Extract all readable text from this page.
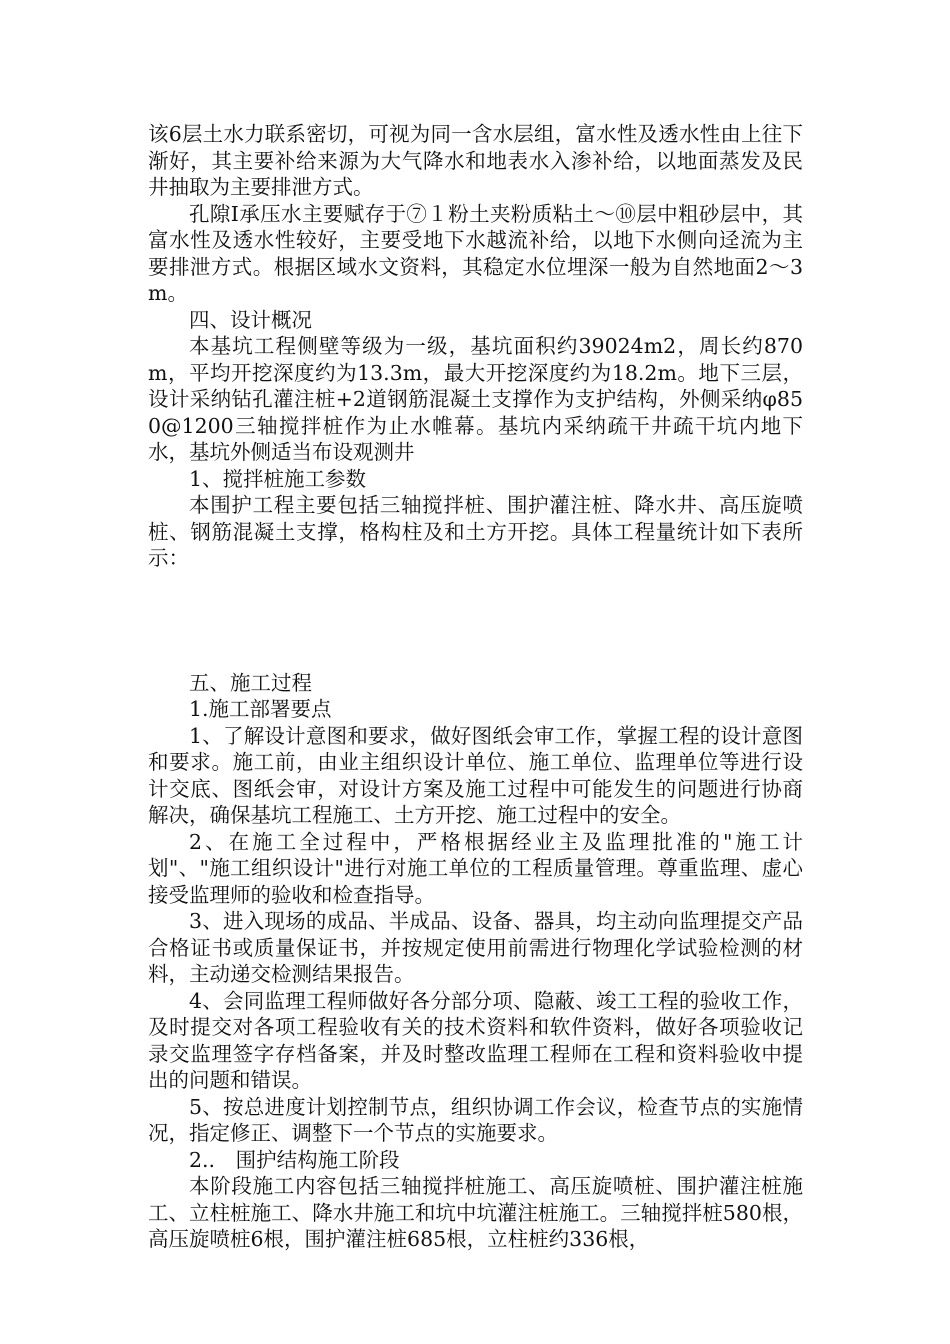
该6层土水力联系密切，可视为同一含水层组，富水性及透水性由上往下渐好，其主要补给来源为大气降水和地表水入渗补给，以地面蒸发及民井抽取为主要排泄方式。

孔隙Ⅰ承压水主要赋存于⑦１粉土夹粉质粘土～⑩层中粗砂层中，其富水性及透水性较好，主要受地下水越流补给，以地下水侧向迳流为主要排泄方式。根据区域水文资料，其稳定水位埋深一般为自然地面2～3m。

四、设计概况

本基坑工程侧壁等级为一级，基坑面积约39024m2，周长约870m，平均开挖深度约为13.3m，最大开挖深度约为18.2m。地下三层，设计采纳钻孔灌注桩+2道钢筋混凝土支撑作为支护结构，外侧采纳φ850@1200三轴搅拌桩作为止水帷幕。基坑内采纳疏干井疏干坑内地下水，基坑外侧适当布设观测井

1、搅拌桩施工参数

本围护工程主要包括三轴搅拌桩、围护灌注桩、降水井、高压旋喷桩、钢筋混凝土支撑，格构柱及和土方开挖。具体工程量统计如下表所示：

五、施工过程

1.施工部署要点

1、了解设计意图和要求，做好图纸会审工作，掌握工程的设计意图和要求。施工前，由业主组织设计单位、施工单位、监理单位等进行设计交底、图纸会审，对设计方案及施工过程中可能发生的问题进行协商解决，确保基坑工程施工、土方开挖、施工过程中的安全。

2、在施工全过程中，严格根据经业主及监理批准的"施工计划"、"施工组织设计"进行对施工单位的工程质量管理。尊重监理、虚心接受监理师的验收和检查指导。

3、进入现场的成品、半成品、设备、器具，均主动向监理提交产品合格证书或质量保证书，并按规定使用前需进行物理化学试验检测的材料，主动递交检测结果报告。

4、会同监理工程师做好各分部分项、隐蔽、竣工工程的验收工作，及时提交对各项工程验收有关的技术资料和软件资料，做好各项验收记录交监理签字存档备案，并及时整改监理工程师在工程和资料验收中提出的问题和错误。

5、按总进度计划控制节点，组织协调工作会议，检查节点的实施情况，指定修正、调整下一个节点的实施要求。

2..　围护结构施工阶段

本阶段施工内容包括三轴搅拌桩施工、高压旋喷桩、围护灌注桩施工、立柱桩施工、降水井施工和坑中坑灌注桩施工。三轴搅拌桩580根，高压旋喷桩6根，围护灌注桩685根，立柱桩约336根，
